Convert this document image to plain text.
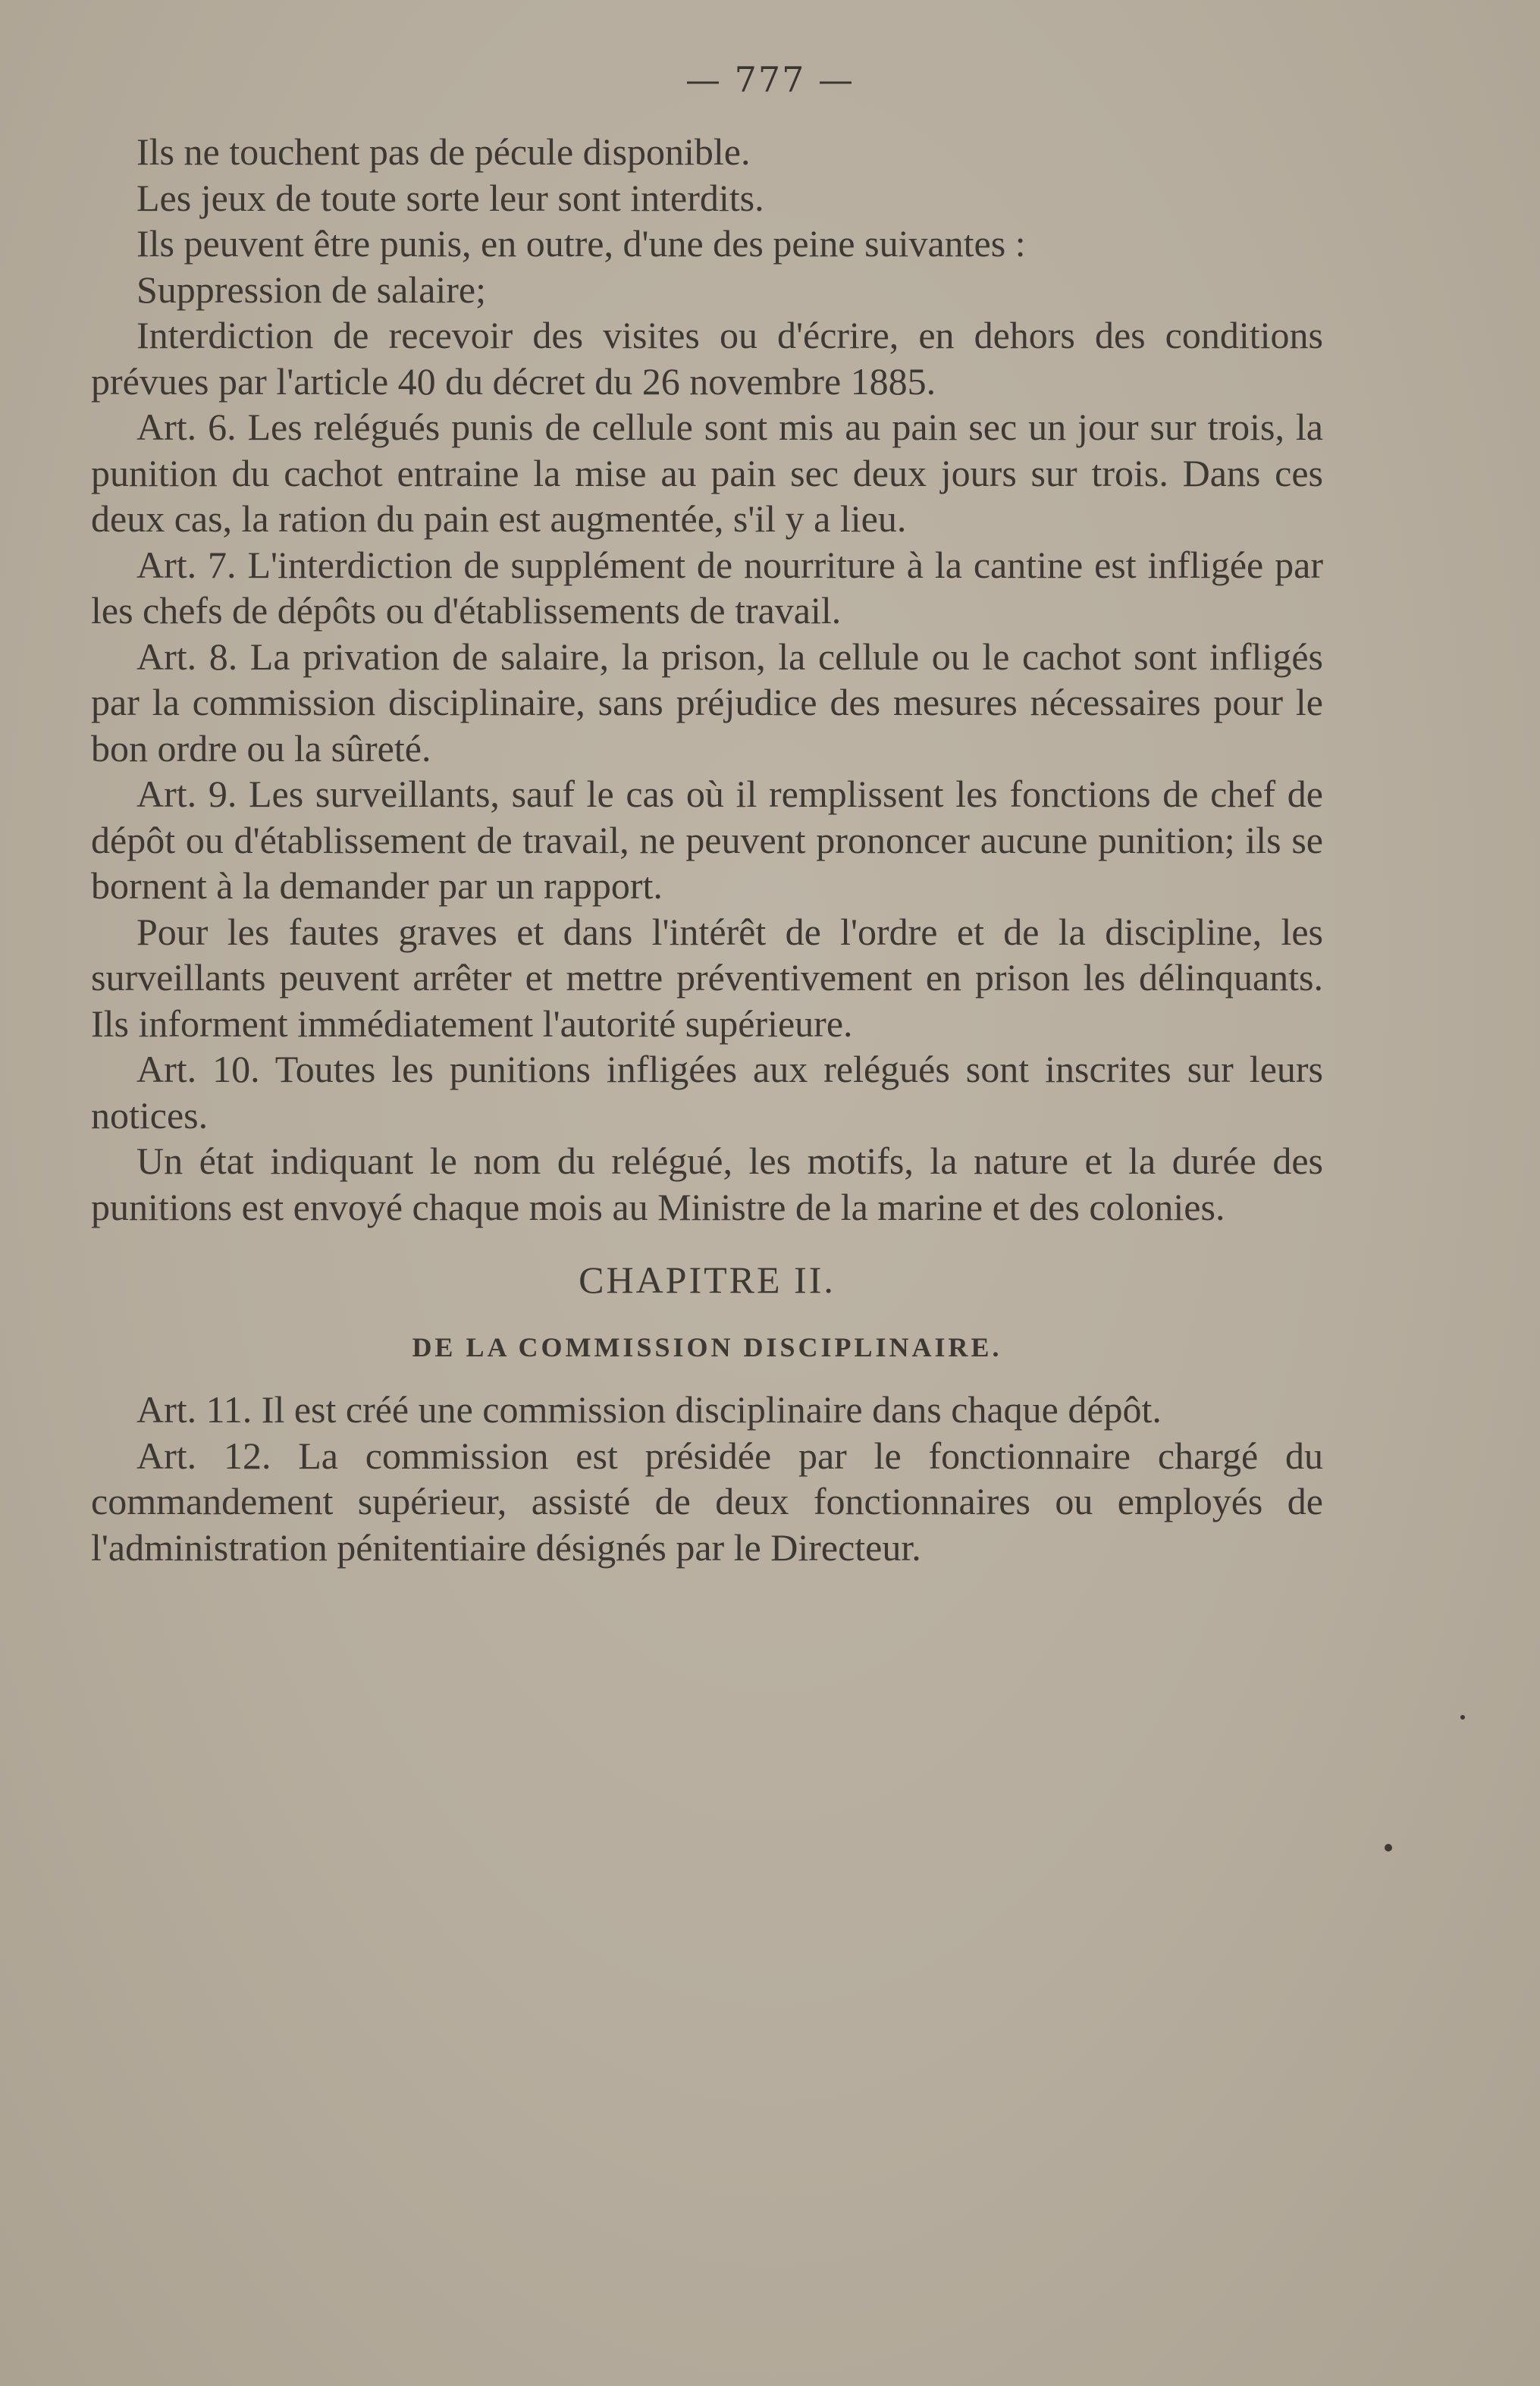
— 777 —

Ils ne touchent pas de pécule disponible.

Les jeux de toute sorte leur sont interdits.

Ils peuvent être punis, en outre, d'une des peine suivantes :

Suppression de salaire;

Interdiction de recevoir des visites ou d'écrire, en dehors des conditions prévues par l'article 40 du décret du 26 novembre 1885.

Art. 6. Les relégués punis de cellule sont mis au pain sec un jour sur trois, la punition du cachot entraine la mise au pain sec deux jours sur trois. Dans ces deux cas, la ration du pain est augmentée, s'il y a lieu.

Art. 7. L'interdiction de supplément de nourriture à la cantine est infligée par les chefs de dépôts ou d'établissements de travail.

Art. 8. La privation de salaire, la prison, la cellule ou le cachot sont infligés par la commission disciplinaire, sans préjudice des mesures nécessaires pour le bon ordre ou la sûreté.

Art. 9. Les surveillants, sauf le cas où il remplissent les fonctions de chef de dépôt ou d'établissement de travail, ne peuvent prononcer aucune punition; ils se bornent à la demander par un rapport.

Pour les fautes graves et dans l'intérêt de l'ordre et de la discipline, les surveillants peuvent arrêter et mettre préventivement en prison les délinquants. Ils informent immédiatement l'autorité supérieure.

Art. 10. Toutes les punitions infligées aux relégués sont inscrites sur leurs notices.

Un état indiquant le nom du relégué, les motifs, la nature et la durée des punitions est envoyé chaque mois au Ministre de la marine et des colonies.

CHAPITRE II.

DE LA COMMISSION DISCIPLINAIRE.

Art. 11. Il est créé une commission disciplinaire dans chaque dépôt.

Art. 12. La commission est présidée par le fonctionnaire chargé du commandement supérieur, assisté de deux fonctionnaires ou employés de l'administration pénitentiaire désignés par le Directeur.
